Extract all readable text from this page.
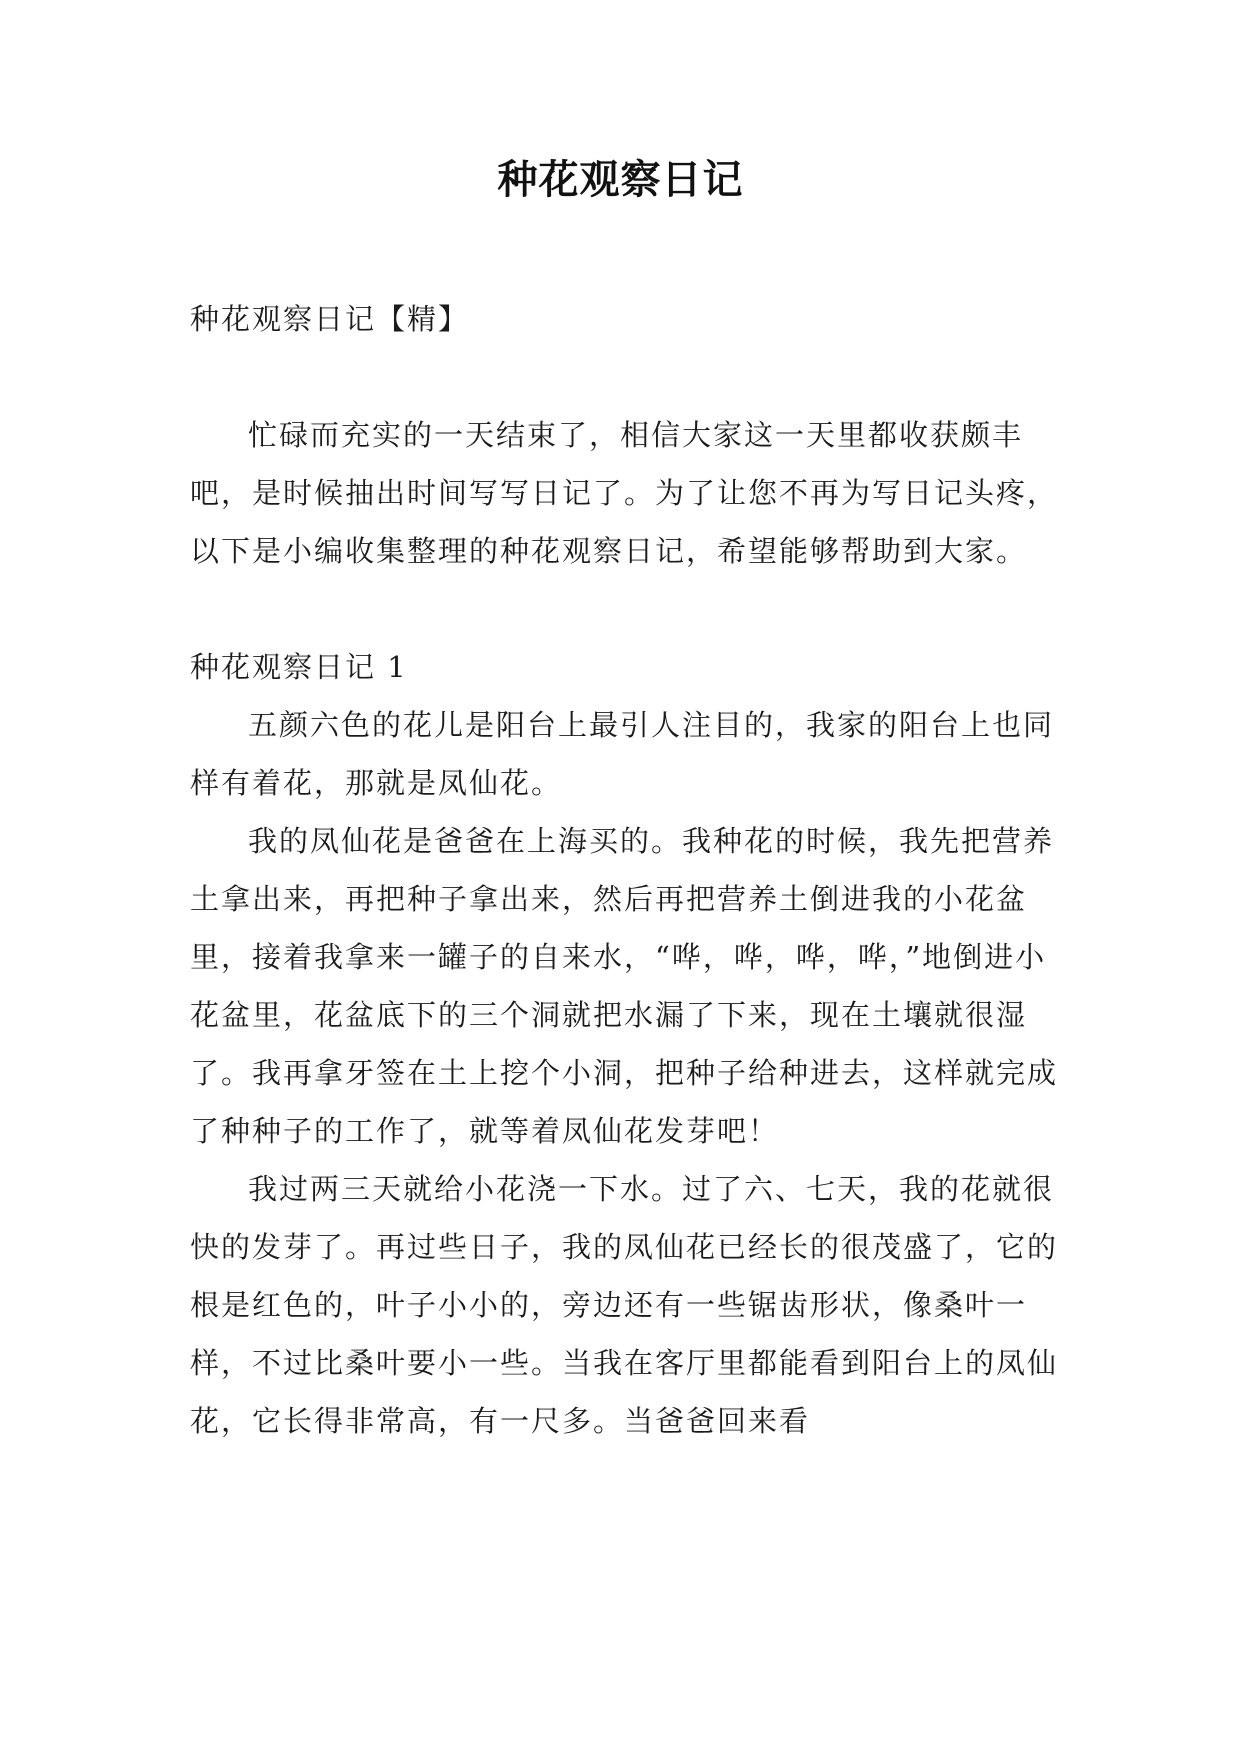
种花观察日记

种花观察日记【精】

忙碌而充实的一天结束了，相信大家这一天里都收获颇丰吧，是时候抽出时间写写日记了。为了让您不再为写日记头疼，以下是小编收集整理的种花观察日记，希望能够帮助到大家。

种花观察日记 1

五颜六色的花儿是阳台上最引人注目的，我家的阳台上也同样有着花，那就是凤仙花。

我的凤仙花是爸爸在上海买的。我种花的时候，我先把营养土拿出来，再把种子拿出来，然后再把营养土倒进我的小花盆里，接着我拿来一罐子的自来水，“哗，哗，哗，哗，”地倒进小花盆里，花盆底下的三个洞就把水漏了下来，现在土壤就很湿了。我再拿牙签在土上挖个小洞，把种子给种进去，这样就完成了种种子的工作了，就等着凤仙花发芽吧！

我过两三天就给小花浇一下水。过了六、七天，我的花就很快的发芽了。再过些日子，我的凤仙花已经长的很茂盛了，它的根是红色的，叶子小小的，旁边还有一些锯齿形状，像桑叶一样，不过比桑叶要小一些。当我在客厅里都能看到阳台上的凤仙花，它长得非常高，有一尺多。当爸爸回来看
